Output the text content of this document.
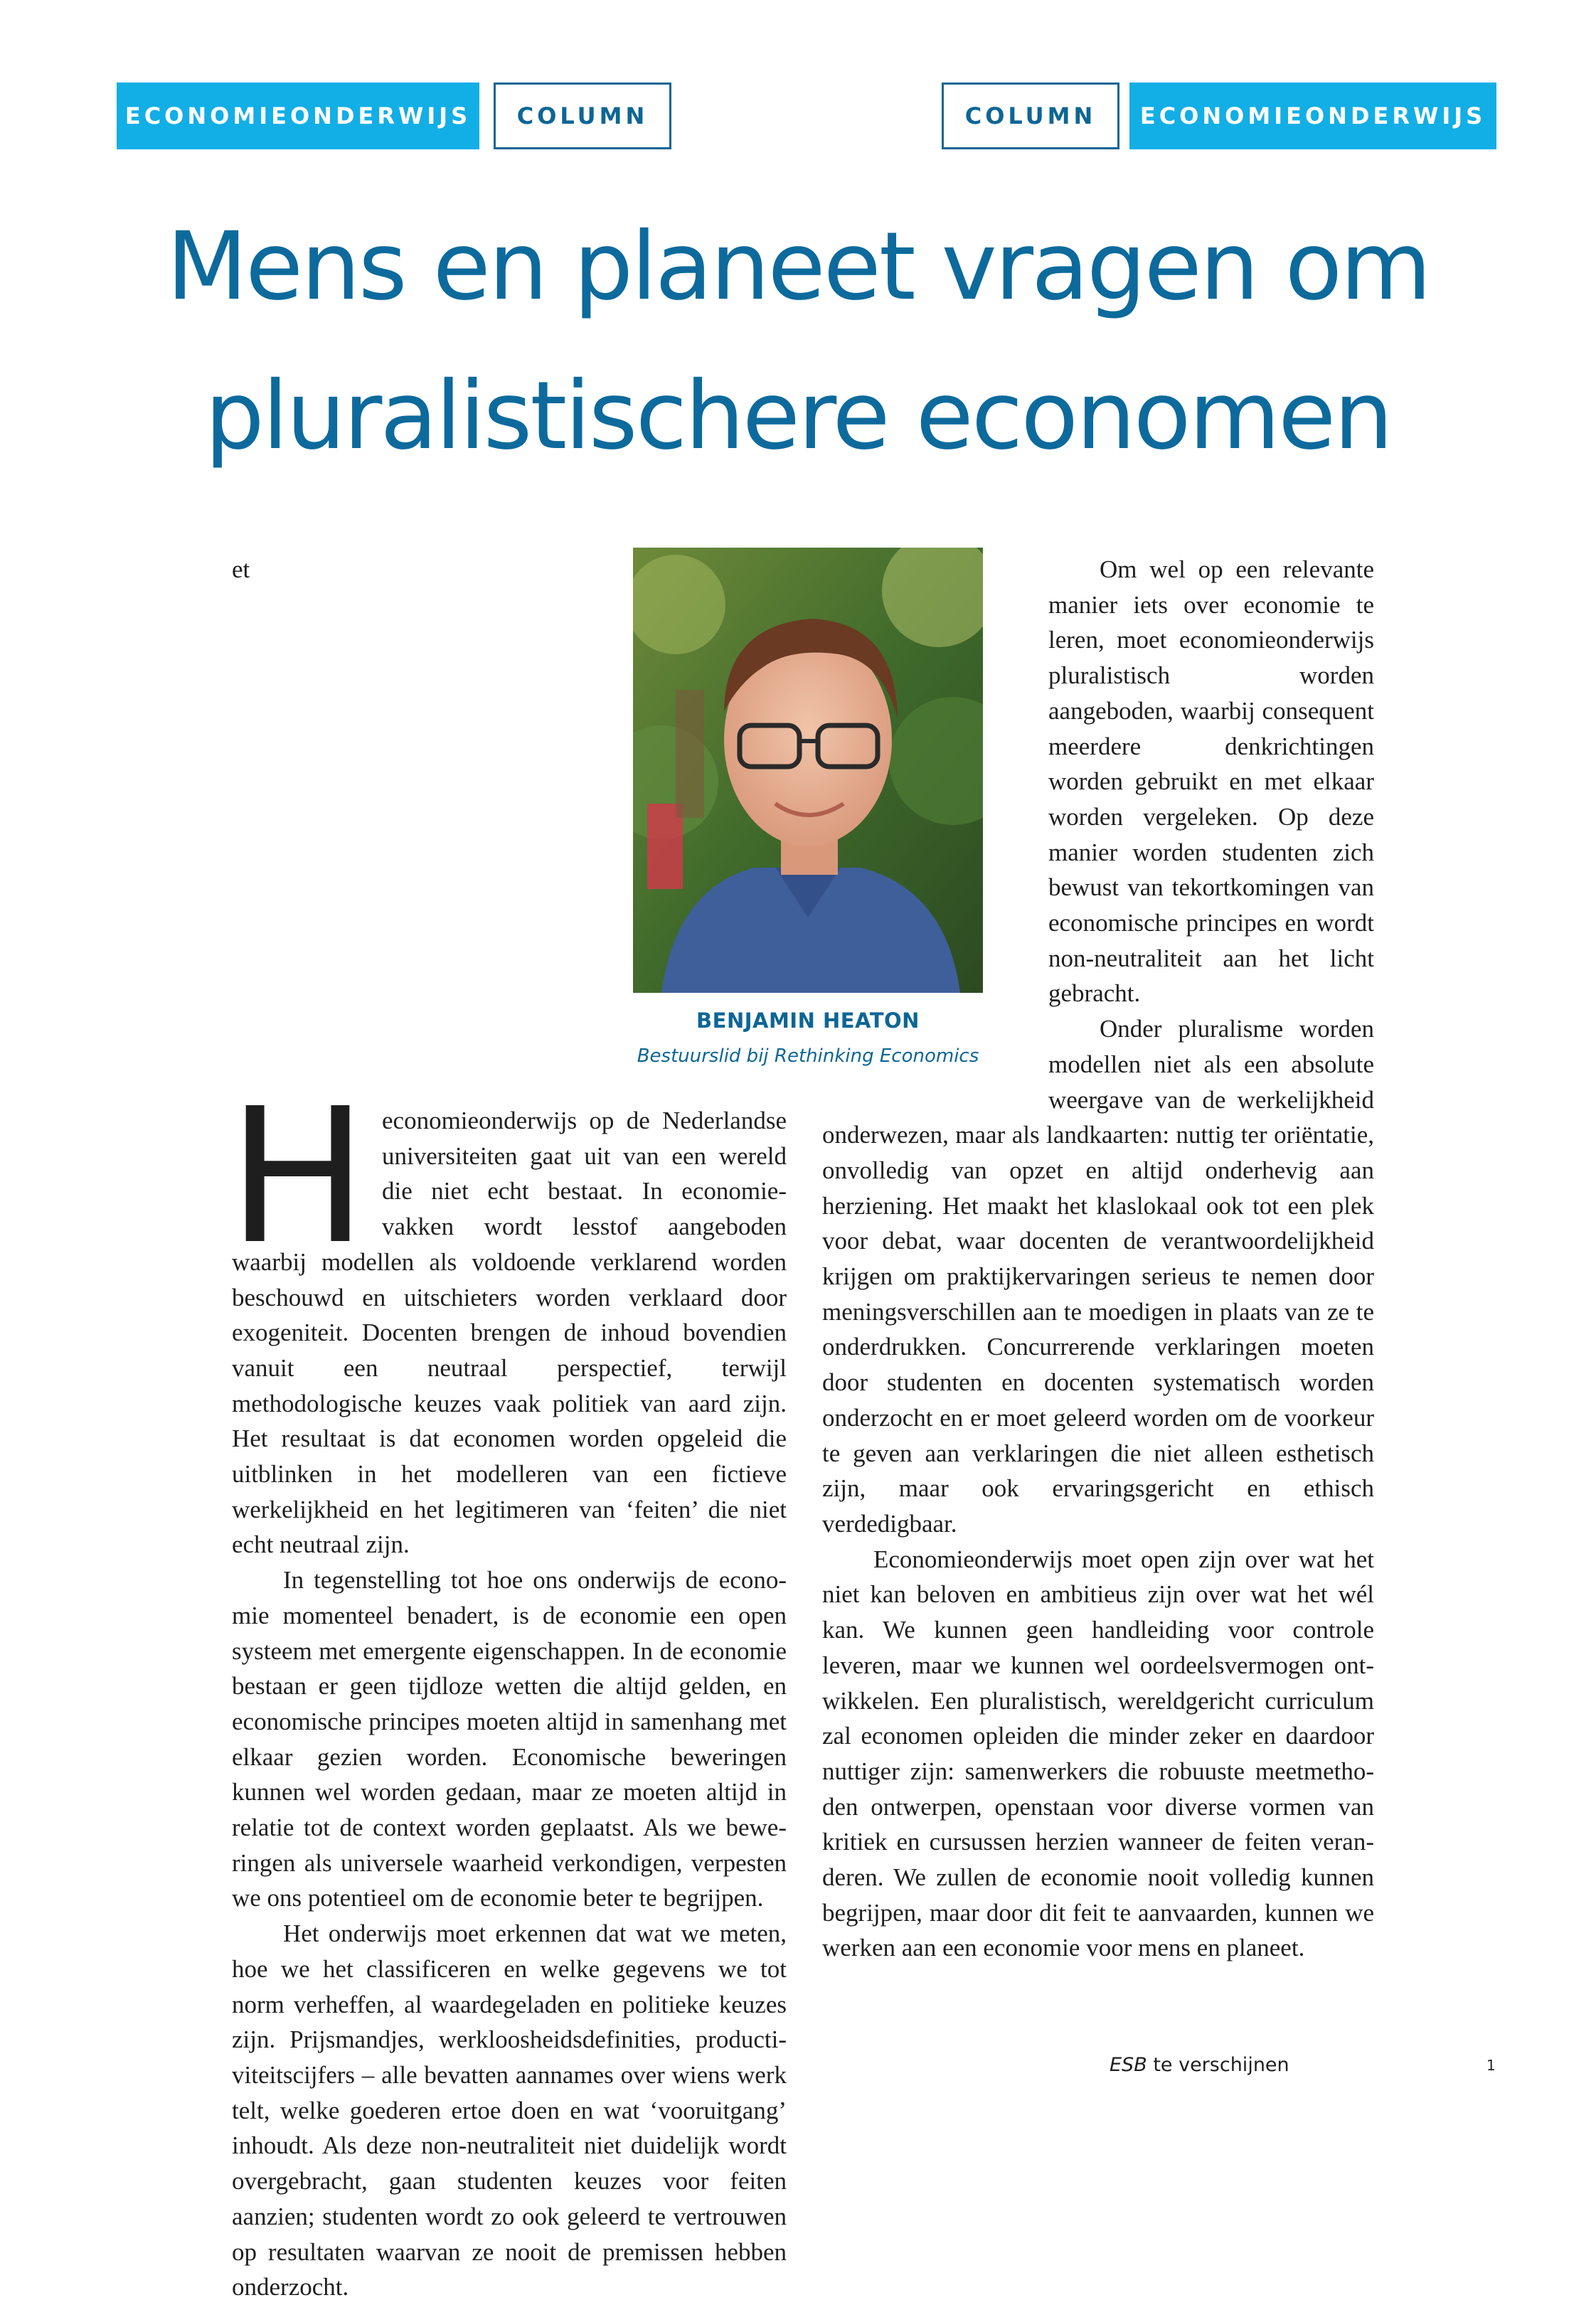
ECONOMIEONDERWIJS	COLUMN	COLUMN	ECONOMIEONDERWIJS
Mens en planeet vragen om
pluralistischere economen

H
et economieonderwijs op de Nederlandse universiteiten gaat uit van een wereld die niet echt bestaat. In economievakken wordt lesstof aangeboden waarbij modellen als voldoende verklarend worden beschouwd en uitschieters worden verklaard door exogeniteit. Docenten brengen de inhoud bovendien vanuit een neutraal perspectief, terwijl methodologische keuzes vaak politiek van aard zijn. Het resultaat is dat economen worden opgeleid die uitblinken in het modelleren van een fictieve werkelijkheid en het legitimeren van ‘feiten’ die niet echt neutraal zijn.

In tegenstelling tot hoe ons onderwijs de economie momenteel benadert, is de economie een open systeem met emergente eigenschappen. In de economie bestaan er geen tijdloze wetten die altijd gelden, en economische principes moeten altijd in samenhang met elkaar gezien worden. Economische beweringen kunnen wel worden gedaan, maar ze moeten altijd in relatie tot de context worden geplaatst. Als we beweringen als universele waarheid verkondigen, verpesten we ons potentieel om de economie beter te begrijpen.

Het onderwijs moet erkennen dat wat we meten, hoe we het classificeren en welke gegevens we tot norm verheffen, al waardegeladen en politieke keuzes zijn. Prijsmandjes, werkloosheidsdefinities, productiviteitscijfers – alle bevatten aannames over wiens werk telt, welke goederen ertoe doen en wat ‘vooruitgang’ inhoudt. Als deze non-neutraliteit niet duidelijk wordt overgebracht, gaan studenten keuzes voor feiten aanzien; studenten wordt zo ook geleerd te vertrouwen op resultaten waarvan ze nooit de premissen hebben onderzocht.

Om wel op een relevante manier iets over economie te leren, moet economieonderwijs pluralistisch worden aangeboden, waarbij consequent meerdere denkrichtingen worden gebruikt en met elkaar worden vergeleken. Op deze manier worden studenten zich bewust van tekortkomingen van economische principes en wordt non-neutraliteit aan het licht gebracht.

Onder pluralisme worden modellen niet als een absolute weergave van de werkelijkheid onderwezen, maar als landkaarten: nuttig ter oriëntatie, onvolledig van opzet en altijd onderhevig aan herziening. Het maakt het klaslokaal ook tot een plek voor debat, waar docenten de verantwoordelijkheid krijgen om praktijkervaringen serieus te nemen door meningsverschillen aan te moedigen in plaats van ze te onderdrukken. Concurrerende verklaringen moeten door studenten en docenten systematisch worden onderzocht en er moet geleerd worden om de voorkeur te geven aan verklaringen die niet alleen esthetisch zijn, maar ook ervaringsgericht en ethisch verdedigbaar.

Economieonderwijs moet open zijn over wat het niet kan beloven en ambitieus zijn over wat het wél kan. We kunnen geen handleiding voor controle leveren, maar we kunnen wel oordeelsvermogen ontwikkelen. Een pluralistisch, wereldgericht curriculum zal economen opleiden die minder zeker en daardoor nuttiger zijn: samenwerkers die robuuste meetmethoden ontwerpen, openstaan voor diverse vormen van kritiek en cursussen herzien wanneer de feiten veranderen. We zullen de economie nooit volledig kunnen begrijpen, maar door dit feit te aanvaarden, kunnen we werken aan een economie voor mens en planeet.

BENJAMIN HEATON
Bestuurslid bij Rethinking Economics
ESB te verschijnen	1
